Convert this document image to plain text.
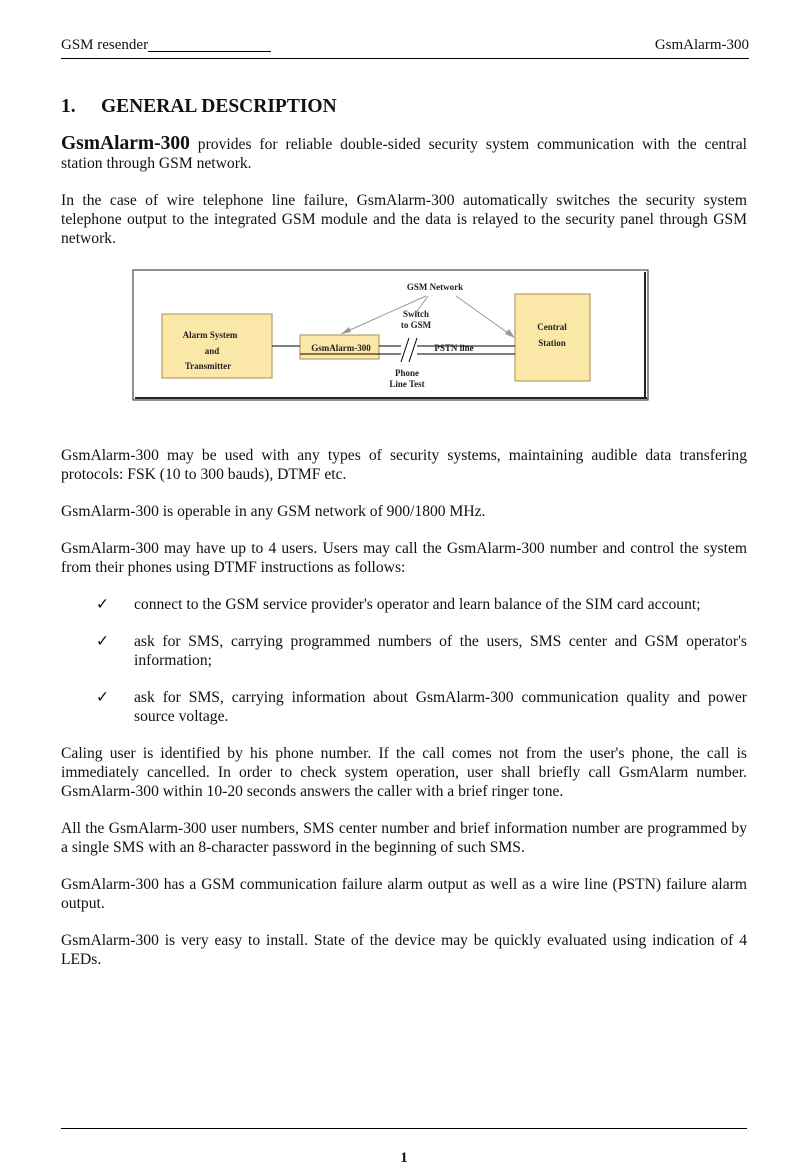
GSM resender	GsmAlarm-300
1. GENERAL DESCRIPTION

GsmAlarm-300 provides for reliable double-sided security system communication with the central station through GSM network.

In the case of wire telephone line failure, GsmAlarm-300 automatically switches the security system telephone output to the integrated GSM module and the data is relayed to the security panel through GSM network.

GSM Network
Switch
to GSM
Alarm System
and
Transmitter
GsmAlarm-300	PSTN line
Phone
Line Test
Central
Station

GsmAlarm-300 may be used with any types of security systems, maintaining audible data transfering protocols: FSK (10 to 300 bauds), DTMF etc.

GsmAlarm-300 is operable in any GSM network of 900/1800 MHz.

GsmAlarm-300 may have up to 4 users. Users may call the GsmAlarm-300 number and control the system from their phones using DTMF instructions as follows:

✓ connect to the GSM service provider's operator and learn balance of the SIM card account;
✓ ask for SMS, carrying programmed numbers of the users, SMS center and GSM operator's information;
✓ ask for SMS, carrying information about GsmAlarm-300 communication quality and power source voltage.

Caling user is identified by his phone number. If the call comes not from the user's phone, the call is immediately cancelled. In order to check system operation, user shall briefly call GsmAlarm number. GsmAlarm-300 within 10-20 seconds answers the caller with a brief ringer tone.

All the GsmAlarm-300 user numbers, SMS center number and brief information number are programmed by a single SMS with an 8-character password in the beginning of such SMS.

GsmAlarm-300 has a GSM communication failure alarm output as well as a wire line (PSTN) failure alarm output.

GsmAlarm-300 is very easy to install. State of the device may be quickly evaluated using indication of 4 LEDs.

1
